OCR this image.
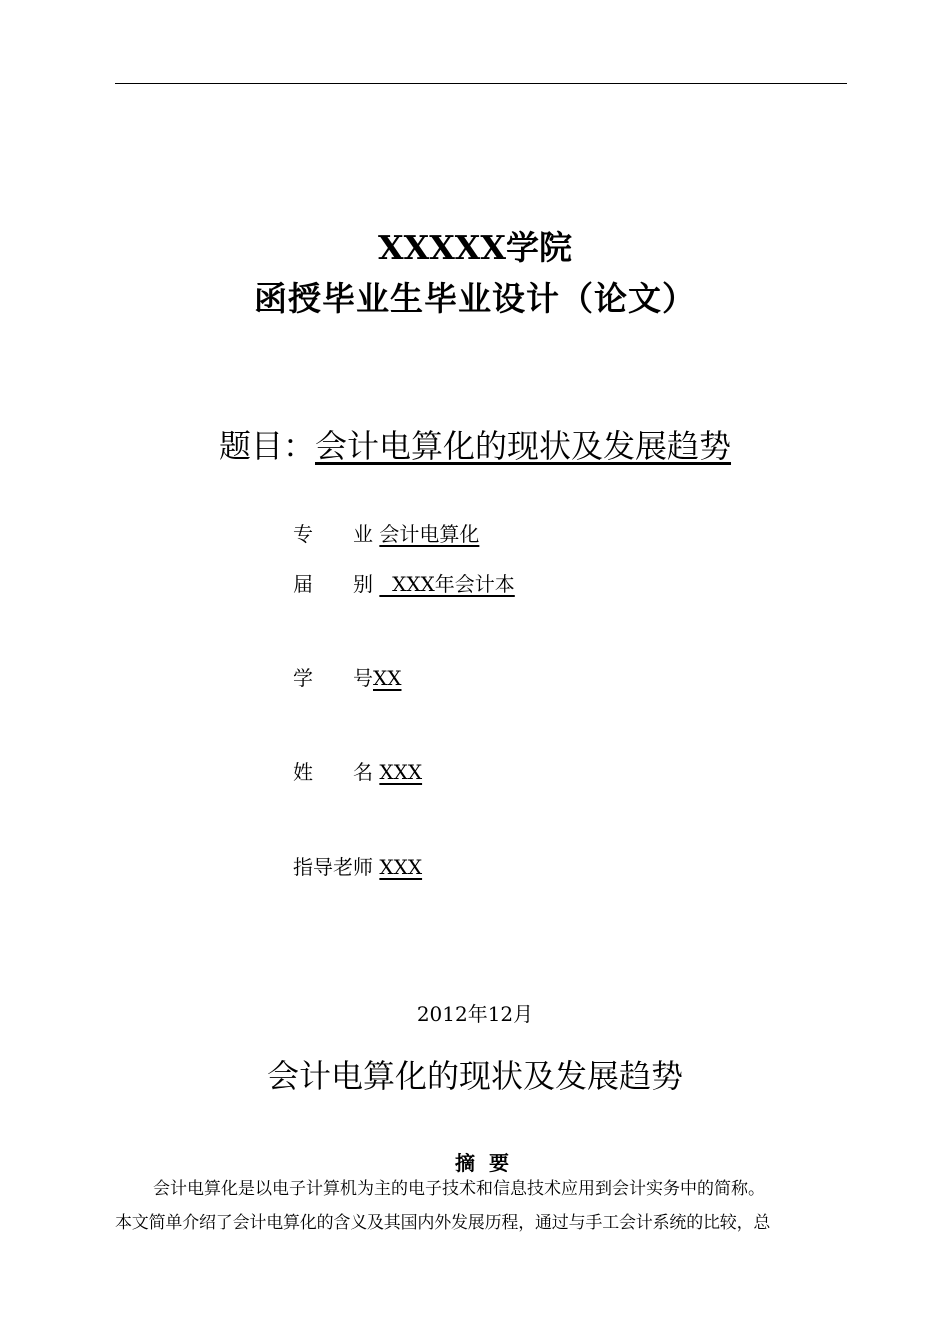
XXXXX学院
函授毕业生毕业设计（论文）
题目：会计电算化的现状及发展趋势
专　　业 会计电算化
届　　别   XXX年会计本
学　　号XX
姓　　名 XXX
指导老师 XXX
2012年12月
会计电算化的现状及发展趋势
摘要
会计电算化是以电子计算机为主的电子技术和信息技术应用到会计实务中的简称。
本文简单介绍了会计电算化的含义及其国内外发展历程，通过与手工会计系统的比较，总
